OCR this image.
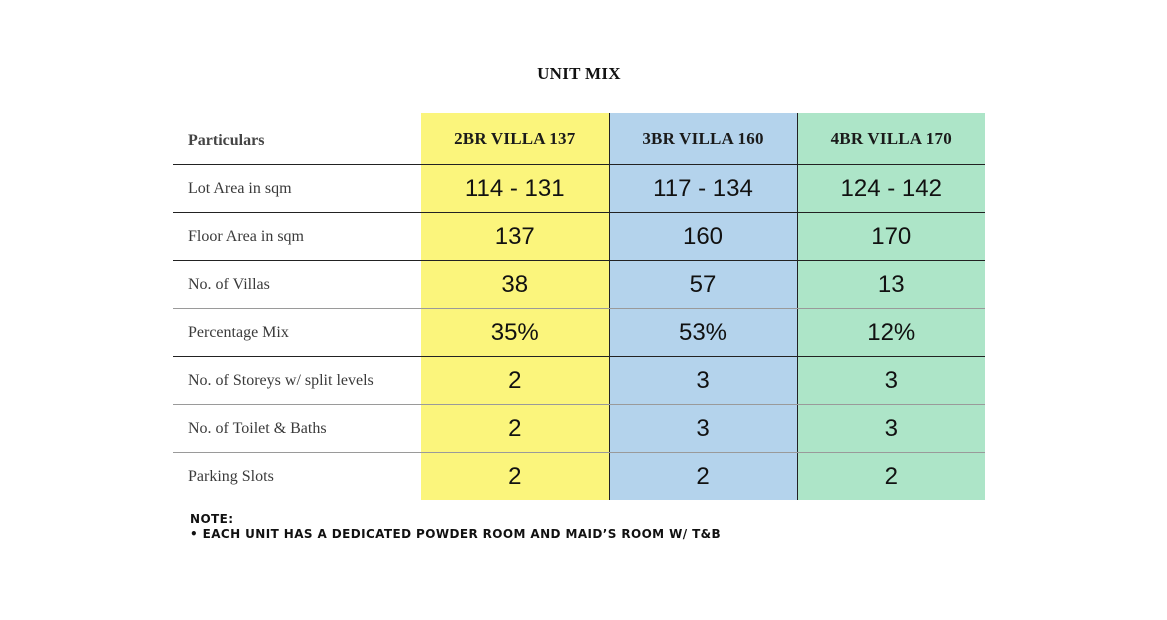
UNIT MIX
Particulars	2BR VILLA 137	3BR VILLA 160	4BR VILLA 170
Lot Area in sqm	114 - 131	117 - 134	124 - 142
Floor Area in sqm	137	160	170
No. of Villas	38	57	13
Percentage Mix	35%	53%	12%
No. of Storeys w/ split levels	2	3	3
No. of Toilet & Baths	2	3	3
Parking Slots	2	2	2
NOTE:
• EACH UNIT HAS A DEDICATED POWDER ROOM AND MAID’S ROOM W/ T&B
